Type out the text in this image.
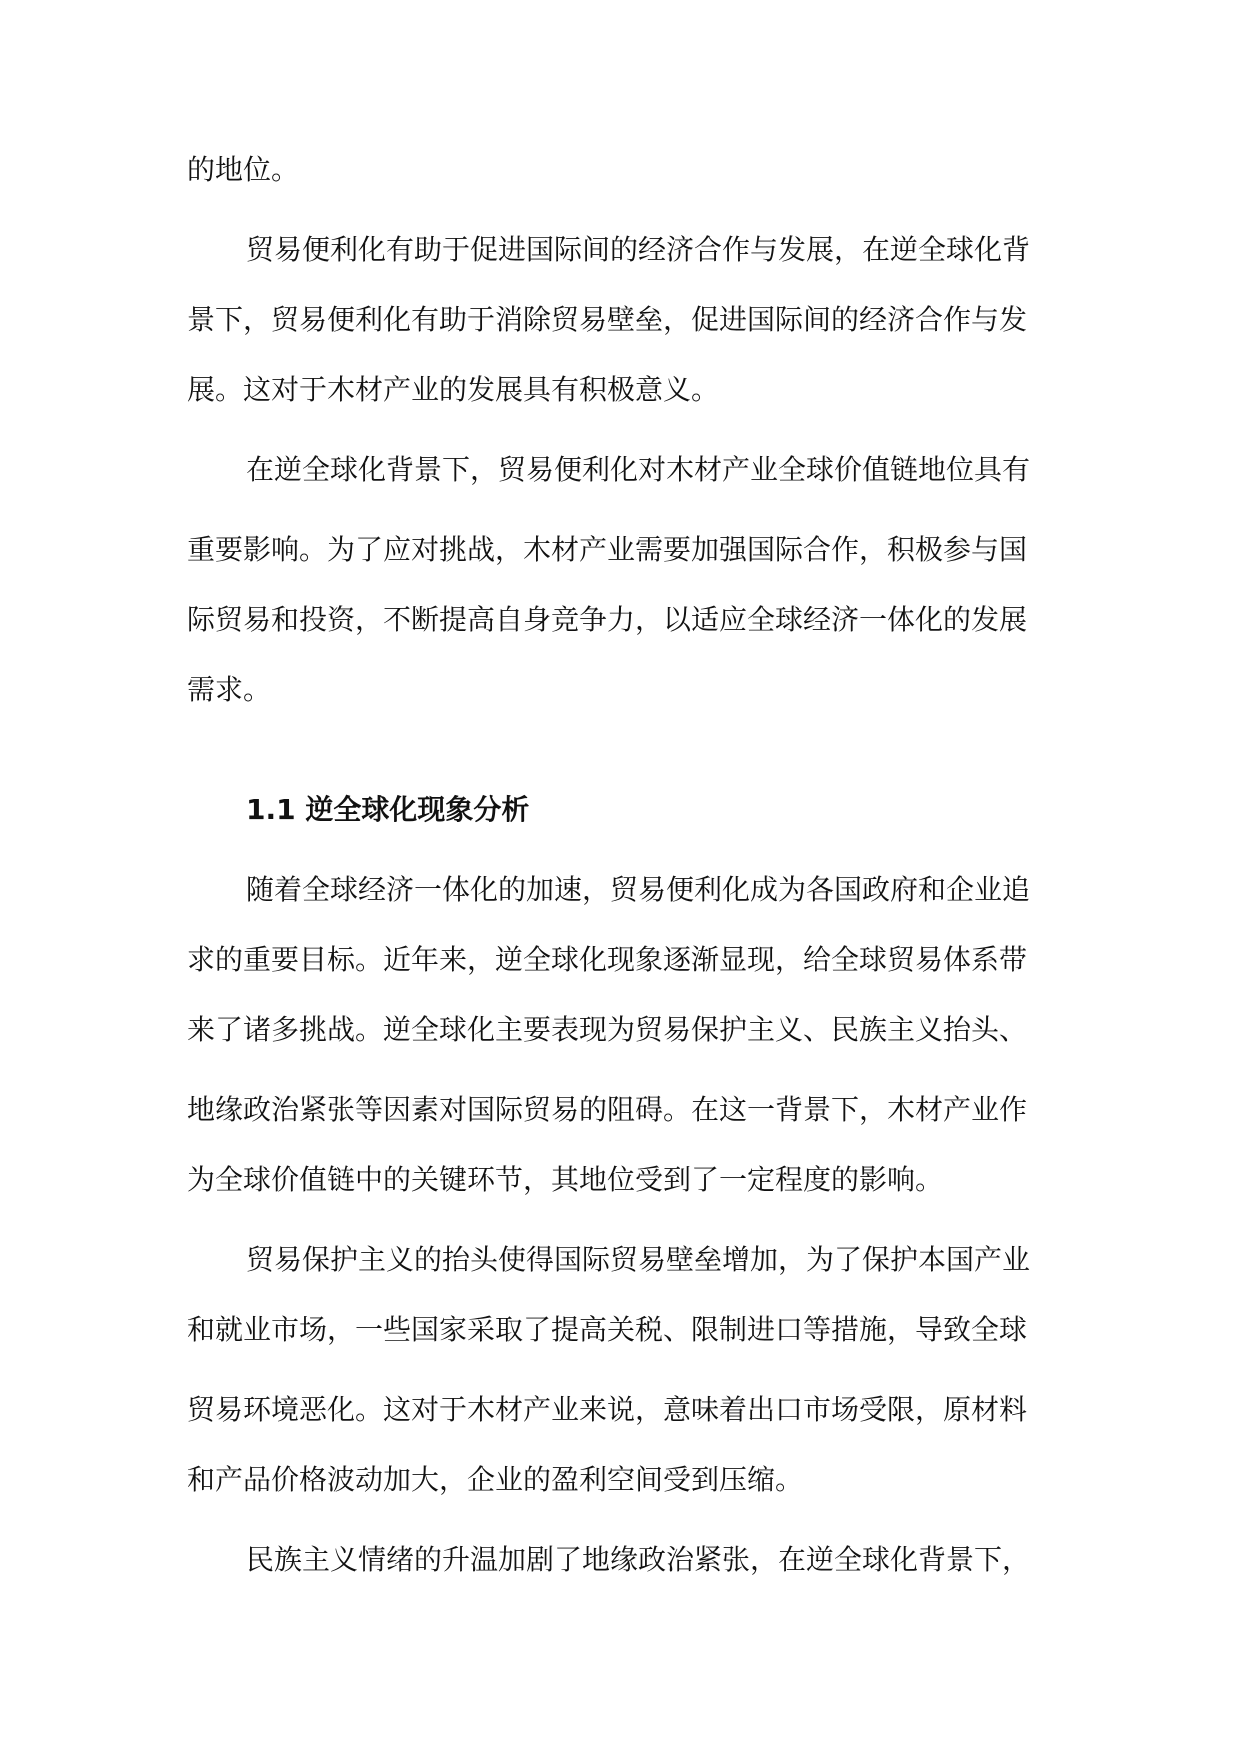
的地位。
贸易便利化有助于促进国际间的经济合作与发展，在逆全球化背
景下，贸易便利化有助于消除贸易壁垒，促进国际间的经济合作与发
展。这对于木材产业的发展具有积极意义。
在逆全球化背景下，贸易便利化对木材产业全球价值链地位具有
重要影响。为了应对挑战，木材产业需要加强国际合作，积极参与国
际贸易和投资，不断提高自身竞争力，以适应全球经济一体化的发展
需求。
1.1 逆全球化现象分析
随着全球经济一体化的加速，贸易便利化成为各国政府和企业追
求的重要目标。近年来，逆全球化现象逐渐显现，给全球贸易体系带
来了诸多挑战。逆全球化主要表现为贸易保护主义、民族主义抬头、
地缘政治紧张等因素对国际贸易的阻碍。在这一背景下，木材产业作
为全球价值链中的关键环节，其地位受到了一定程度的影响。
贸易保护主义的抬头使得国际贸易壁垒增加，为了保护本国产业
和就业市场，一些国家采取了提高关税、限制进口等措施，导致全球
贸易环境恶化。这对于木材产业来说，意味着出口市场受限，原材料
和产品价格波动加大，企业的盈利空间受到压缩。
民族主义情绪的升温加剧了地缘政治紧张，在逆全球化背景下，
